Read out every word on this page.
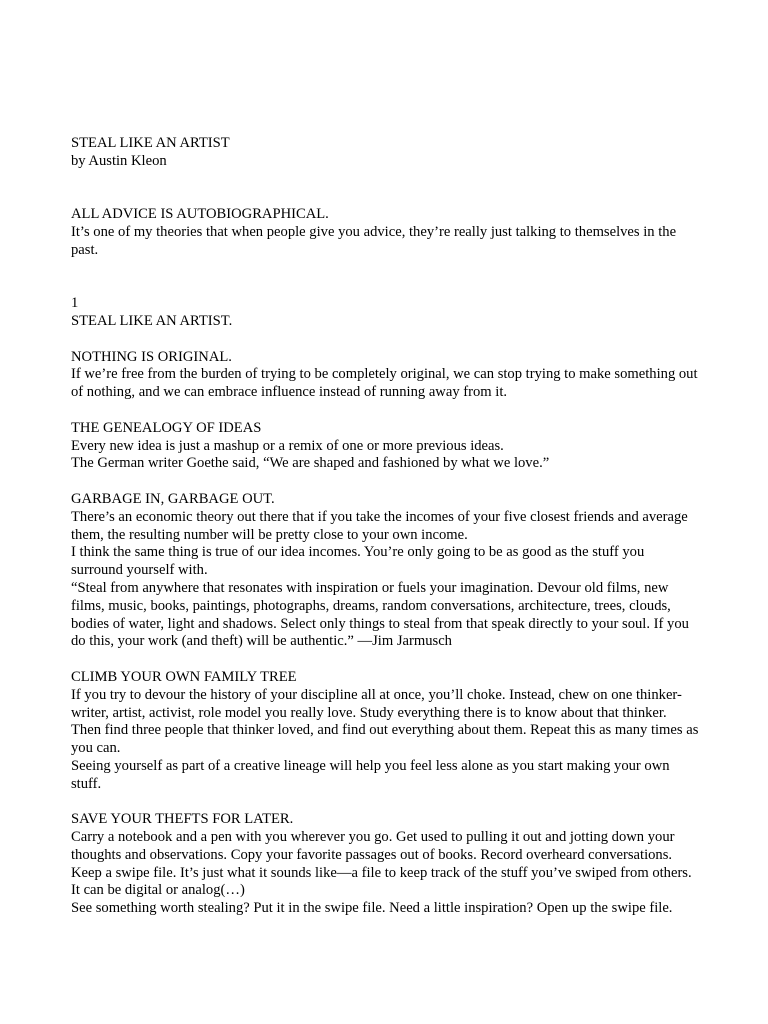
STEAL LIKE AN ARTIST
by Austin Kleon
ALL ADVICE IS AUTOBIOGRAPHICAL.
It’s one of my theories that when people give you advice, they’re really just talking to themselves in the past.
1
STEAL LIKE AN ARTIST.
NOTHING IS ORIGINAL.
If we’re free from the burden of trying to be completely original, we can stop trying to make something out of nothing, and we can embrace influence instead of running away from it.
THE GENEALOGY OF IDEAS
Every new idea is just a mashup or a remix of one or more previous ideas.
The German writer Goethe said, “We are shaped and fashioned by what we love.”
GARBAGE IN, GARBAGE OUT.
There’s an economic theory out there that if you take the incomes of your five closest friends and average them, the resulting number will be pretty close to your own income.
I think the same thing is true of our idea incomes. You’re only going to be as good as the stuff you surround yourself with.
“Steal from anywhere that resonates with inspiration or fuels your imagination. Devour old films, new films, music, books, paintings, photographs, dreams, random conversations, architecture, trees, clouds, bodies of water, light and shadows. Select only things to steal from that speak directly to your soul. If you do this, your work (and theft) will be authentic.” —Jim Jarmusch
CLIMB YOUR OWN FAMILY TREE
If you try to devour the history of your discipline all at once, you’ll choke. Instead, chew on one thinker- writer, artist, activist, role model you really love. Study everything there is to know about that thinker. Then find three people that thinker loved, and find out everything about them. Repeat this as many times as you can.
Seeing yourself as part of a creative lineage will help you feel less alone as you start making your own stuff.
SAVE YOUR THEFTS FOR LATER.
Carry a notebook and a pen with you wherever you go. Get used to pulling it out and jotting down your thoughts and observations. Copy your favorite passages out of books. Record overheard conversations.
Keep a swipe file. It’s just what it sounds like—a file to keep track of the stuff you’ve swiped from others. It can be digital or analog(…)
See something worth stealing? Put it in the swipe file. Need a little inspiration? Open up the swipe file.
